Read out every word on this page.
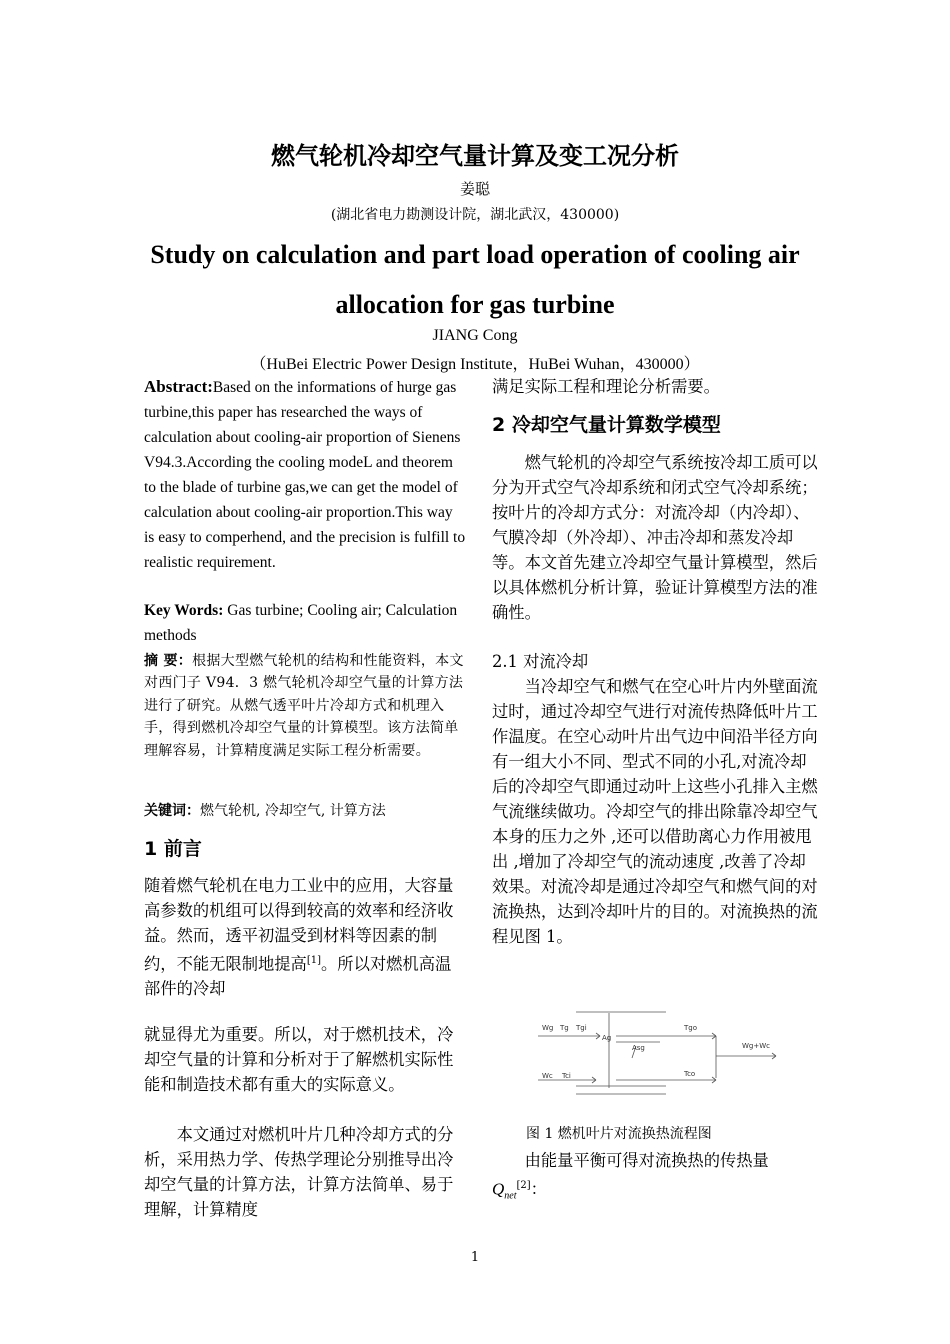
燃气轮机冷却空气量计算及变工况分析
姜聪
(湖北省电力勘测设计院，湖北武汉，430000)
Study on calculation and part load operation of cooling air
allocation for gas turbine
JIANG Cong
（HuBei Electric Power Design Institute，HuBei Wuhan，430000）
Abstract:Based on the informations of hurge gas turbine,this paper has researched the ways of calculation about cooling-air proportion of Sienens V94.3.According the cooling modeL and theorem to the blade of turbine gas,we can get the model of calculation about cooling-air proportion.This way is easy to comperhend, and the precision is fulfill to realistic requirement.
Key Words: Gas turbine; Cooling air; Calculation methods
摘 要：根据大型燃气轮机的结构和性能资料，本文对西门子 V94．3 燃气轮机冷却空气量的计算方法进行了研究。从燃气透平叶片冷却方式和机理入手，得到燃机冷却空气量的计算模型。该方法简单理解容易，计算精度满足实际工程分析需要。
关键词：燃气轮机, 冷却空气, 计算方法
1 前言
随着燃气轮机在电力工业中的应用，大容量高参数的机组可以得到较高的效率和经济收益。然而，透平初温受到材料等因素的制约，不能无限制地提高[1]。所以对燃机高温部件的冷却
就显得尤为重要。所以，对于燃机技术，冷却空气量的计算和分析对于了解燃机实际性能和制造技术都有重大的实际意义。
本文通过对燃机叶片几种冷却方式的分析，采用热力学、传热学理论分别推导出冷却空气量的计算方法，计算方法简单、易于理解，计算精度
满足实际工程和理论分析需要。
2 冷却空气量计算数学模型
燃气轮机的冷却空气系统按冷却工质可以分为开式空气冷却系统和闭式空气冷却系统；按叶片的冷却方式分：对流冷却（内冷却）、气膜冷却（外冷却）、冲击冷却和蒸发冷却等。本文首先建立冷却空气量计算模型，然后以具体燃机分析计算，验证计算模型方法的准确性。
2.1 对流冷却
当冷却空气和燃气在空心叶片内外壁面流过时，通过冷却空气进行对流传热降低叶片工作温度。在空心动叶片出气边中间沿半径方向有一组大小不同、型式不同的小孔,对流冷却后的冷却空气即通过动叶上这些小孔排入主燃气流继续做功。冷却空气的排出除靠冷却空气本身的压力之外 ,还可以借助离心力作用被甩出 ,增加了冷却空气的流动速度 ,改善了冷却效果。对流冷却是通过冷却空气和燃气间的对流换热，达到冷却叶片的目的。对流换热的流程见图 1。
Wg Tg Tgi
Ag
Asg
Tgo
Wg+Wc
Wc Tci	Tco
图 1 燃机叶片对流换热流程图
由能量平衡可得对流换热的传热量$Q_{net}[2]$：
1
